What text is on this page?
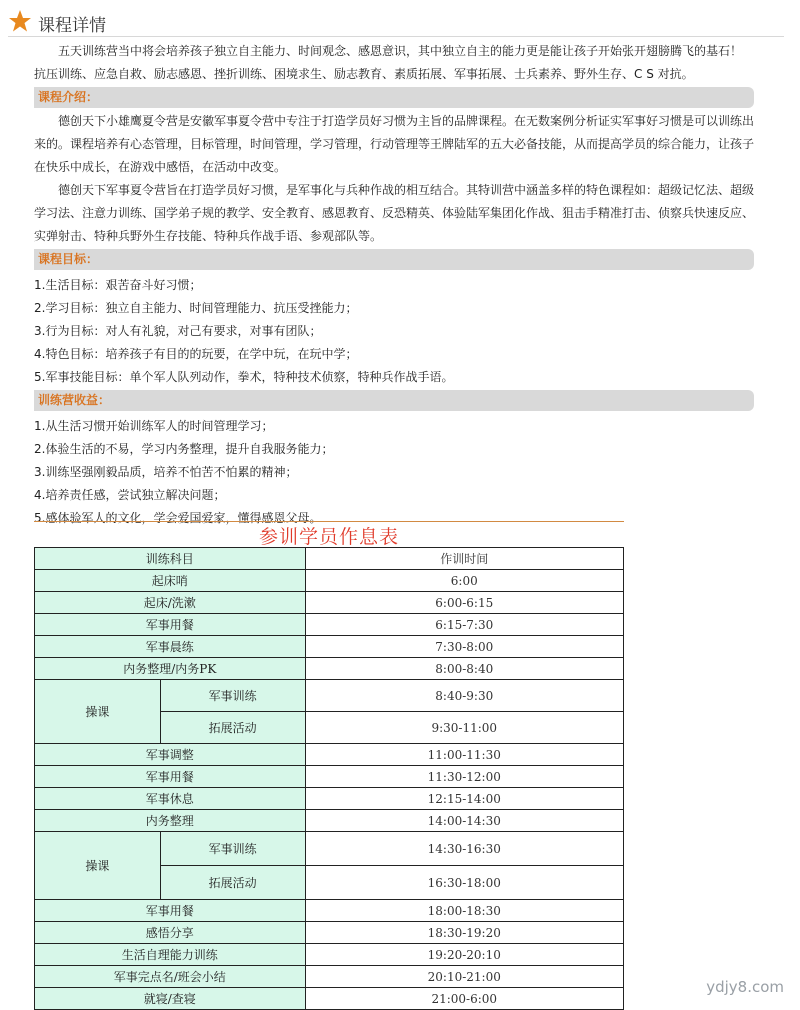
课程详情

五天训练营当中将会培养孩子独立自主能力、时间观念、感恩意识，其中独立自主的能力更是能让孩子开始张开翅膀腾飞的基石！

抗压训练、应急自救、励志感恩、挫折训练、困境求生、励志教育、素质拓展、军事拓展、士兵素养、野外生存、C S 对抗。

课程介绍：

德创天下小雄鹰夏令营是安徽军事夏令营中专注于打造学员好习惯为主旨的品牌课程。在无数案例分析证实军事好习惯是可以训练出来的。课程培养有心态管理，目标管理，时间管理，学习管理，行动管理等王牌陆军的五大必备技能，从而提高学员的综合能力，让孩子在快乐中成长，在游戏中感悟，在活动中改变。

德创天下军事夏令营旨在打造学员好习惯，是军事化与兵种作战的相互结合。其特训营中涵盖多样的特色课程如：超级记忆法、超级学习法、注意力训练、国学弟子规的教学、安全教育、感恩教育、反恐精英、体验陆军集团化作战、狙击手精准打击、侦察兵快速反应、实弹射击、特种兵野外生存技能、特种兵作战手语、参观部队等。

课程目标：

1.生活目标：艰苦奋斗好习惯；

2.学习目标：独立自主能力、时间管理能力、抗压受挫能力；

3.行为目标：对人有礼貌，对己有要求，对事有团队；

4.特色目标：培养孩子有目的的玩要，在学中玩，在玩中学；

5.军事技能目标：单个军人队列动作，拳术，特种技术侦察，特种兵作战手语。

训练营收益：

1.从生活习惯开始训练军人的时间管理学习；

2.体验生活的不易，学习内务整理，提升自我服务能力；

3.训练坚强刚毅品质，培养不怕苦不怕累的精神；

4.培养责任感，尝试独立解决问题；

5.感体验军人的文化，学会爱国爱家，懂得感恩父母。

参训学员作息表
训练科目		作训时间
起床哨		6:00
起床/洗漱		6:00-6:15
军事用餐		6:15-7:30
军事晨练		7:30-8:00
内务整理/内务PK		8:00-8:40
操课	军事训练	8:40-9:30
	拓展活动	9:30-11:00
军事调整		11:00-11:30
军事用餐		11:30-12:00
军事休息		12:15-14:00
内务整理		14:00-14:30
操课	军事训练	14:30-16:30
	拓展活动	16:30-18:00
军事用餐		18:00-18:30
感悟分享		18:30-19:20
生活自理能力训练		19:20-20:10
军事完点名/班会小结		20:10-21:00
就寝/查寝		21:00-6:00
ydjy8.com
